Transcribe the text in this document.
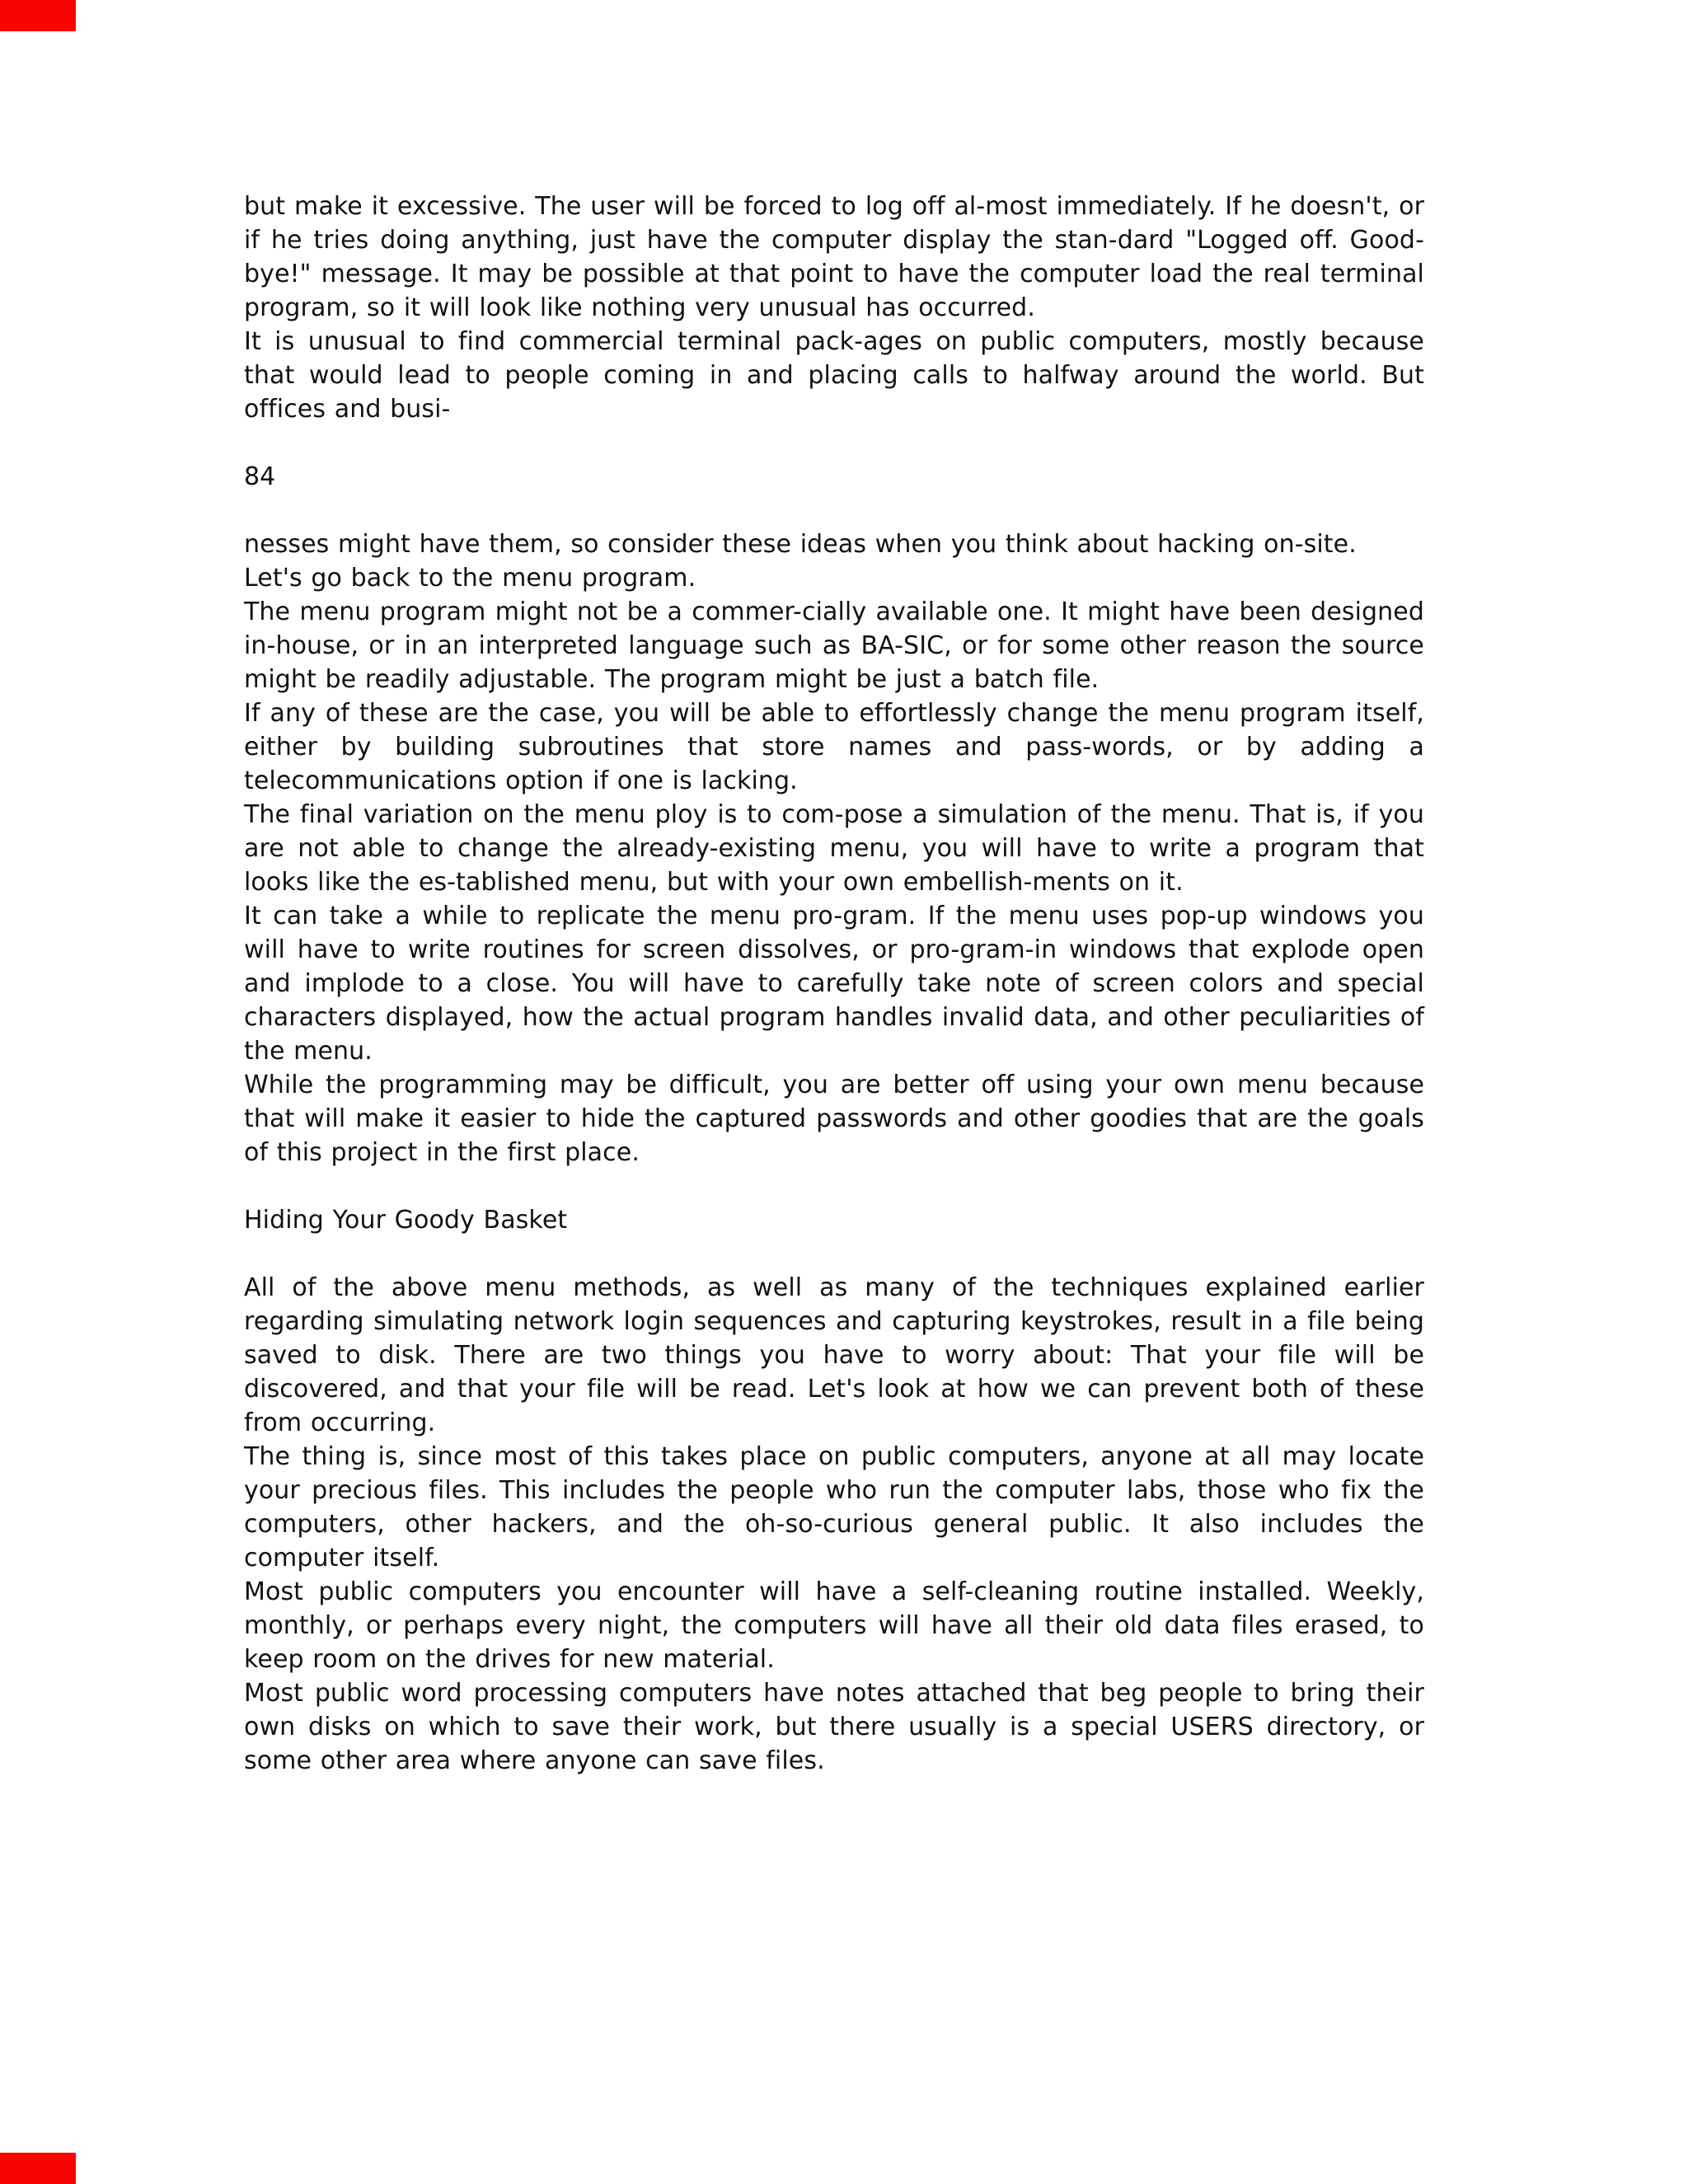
but make it excessive. The user will be forced to log off al-most immediately. If he doesn't, or if he tries doing anything, just have the computer display the stan-dard "Logged off. Good-bye!" message. It may be possible at that point to have the computer load the real terminal program, so it will look like nothing very unusual has occurred.

It is unusual to find commercial terminal pack-ages on public computers, mostly because that would lead to people coming in and placing calls to halfway around the world. But offices and busi-

84

nesses might have them, so consider these ideas when you think about hacking on-site.

Let's go back to the menu program.

The menu program might not be a commer-cially available one. It might have been designed in-house, or in an interpreted language such as BA-SIC, or for some other reason the source might be readily adjustable. The program might be just a batch file.

If any of these are the case, you will be able to effortlessly change the menu program itself, either by building subroutines that store names and pass-words, or by adding a telecommunications option if one is lacking.

The final variation on the menu ploy is to com-pose a simulation of the menu. That is, if you are not able to change the already-existing menu, you will have to write a program that looks like the es-tablished menu, but with your own embellish-ments on it.

It can take a while to replicate the menu pro-gram. If the menu uses pop-up windows you will have to write routines for screen dissolves, or pro-gram-in windows that explode open and implode to a close. You will have to carefully take note of screen colors and special characters displayed, how the actual program handles invalid data, and other peculiarities of the menu.

While the programming may be difficult, you are better off using your own menu because that will make it easier to hide the captured passwords and other goodies that are the goals of this project in the first place.

Hiding Your Goody Basket

All of the above menu methods, as well as many of the techniques explained earlier regarding simulating network login sequences and capturing keystrokes, result in a file being saved to disk. There are two things you have to worry about: That your file will be discovered, and that your file will be read. Let's look at how we can prevent both of these from occurring.

The thing is, since most of this takes place on public computers, anyone at all may locate your precious files. This includes the people who run the computer labs, those who fix the computers, other hackers, and the oh-so-curious general public. It also includes the computer itself.

Most public computers you encounter will have a self-cleaning routine installed. Weekly, monthly, or perhaps every night, the computers will have all their old data files erased, to keep room on the drives for new material.

Most public word processing computers have notes attached that beg people to bring their own disks on which to save their work, but there usually is a special USERS directory, or some other area where anyone can save files.
